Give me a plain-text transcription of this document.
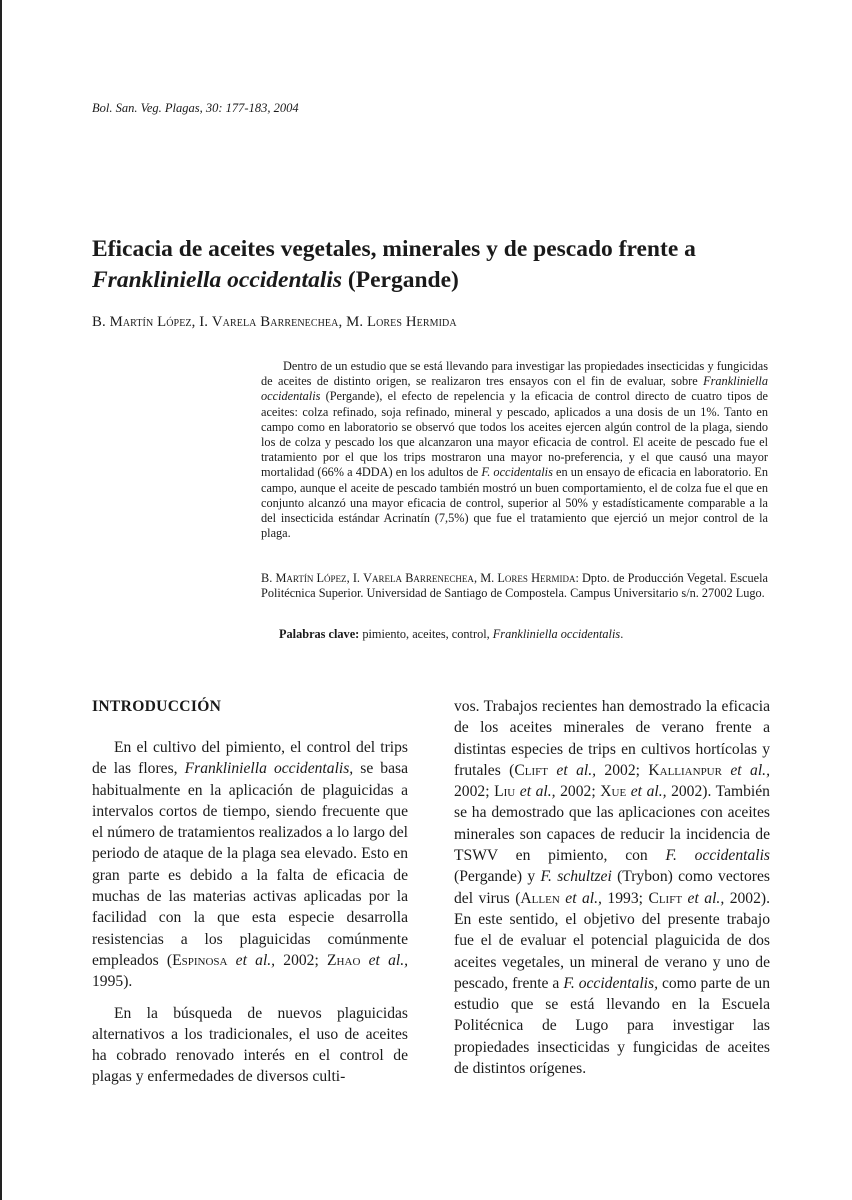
Bol. San. Veg. Plagas, 30: 177-183, 2004
Eficacia de aceites vegetales, minerales y de pescado frente a
Frankliniella occidentalis (Pergande)
B. Martín López, I. Varela Barrenechea, M. Lores Hermida

Dentro de un estudio que se está llevando para investigar las propiedades insecticidas y fungicidas de aceites de distinto origen, se realizaron tres ensayos con el fin de evaluar, sobre Frankliniella occidentalis (Pergande), el efecto de repelencia y la eficacia de control directo de cuatro tipos de aceites: colza refinado, soja refinado, mineral y pescado, aplicados a una dosis de un 1%. Tanto en campo como en laboratorio se observó que todos los aceites ejercen algún control de la plaga, siendo los de colza y pescado los que alcanzaron una mayor eficacia de control. El aceite de pescado fue el tratamiento por el que los trips mostraron una mayor no-preferencia, y el que causó una mayor mortalidad (66% a 4DDA) en los adultos de F. occidentalis en un ensayo de eficacia en laboratorio. En campo, aunque el aceite de pescado también mostró un buen comportamiento, el de colza fue el que en conjunto alcanzó una mayor eficacia de control, superior al 50% y estadísticamente comparable a la del insecticida estándar Acrinatín (7,5%) que fue el tratamiento que ejerció un mejor control de la plaga.

B. Martín López, I. Varela Barrenechea, M. Lores Hermida: Dpto. de Producción Vegetal. Escuela Politécnica Superior. Universidad de Santiago de Compostela. Campus Universitario s/n. 27002 Lugo.

Palabras clave: pimiento, aceites, control, Frankliniella occidentalis.
INTRODUCCIÓN

En el cultivo del pimiento, el control del trips de las flores, Frankliniella occidentalis, se basa habitualmente en la aplicación de plaguicidas a intervalos cortos de tiempo, siendo frecuente que el número de tratamientos realizados a lo largo del periodo de ataque de la plaga sea elevado. Esto en gran parte es debido a la falta de eficacia de muchas de las materias activas aplicadas por la facilidad con la que esta especie desarrolla resistencias a los plaguicidas comúnmente empleados (Espinosa et al., 2002; Zhao et al., 1995).

En la búsqueda de nuevos plaguicidas alternativos a los tradicionales, el uso de aceites ha cobrado renovado interés en el control de plagas y enfermedades de diversos culti-

vos. Trabajos recientes han demostrado la eficacia de los aceites minerales de verano frente a distintas especies de trips en cultivos hortícolas y frutales (Clift et al., 2002; Kallianpur et al., 2002; Liu et al., 2002; Xue et al., 2002). También se ha demostrado que las aplicaciones con aceites minerales son capaces de reducir la incidencia de TSWV en pimiento, con F. occidentalis (Pergande) y F. schultzei (Trybon) como vectores del virus (Allen et al., 1993; Clift et al., 2002). En este sentido, el objetivo del presente trabajo fue el de evaluar el potencial plaguicida de dos aceites vegetales, un mineral de verano y uno de pescado, frente a F. occidentalis, como parte de un estudio que se está llevando en la Escuela Politécnica de Lugo para investigar las propiedades insecticidas y fungicidas de aceites de distintos orígenes.
